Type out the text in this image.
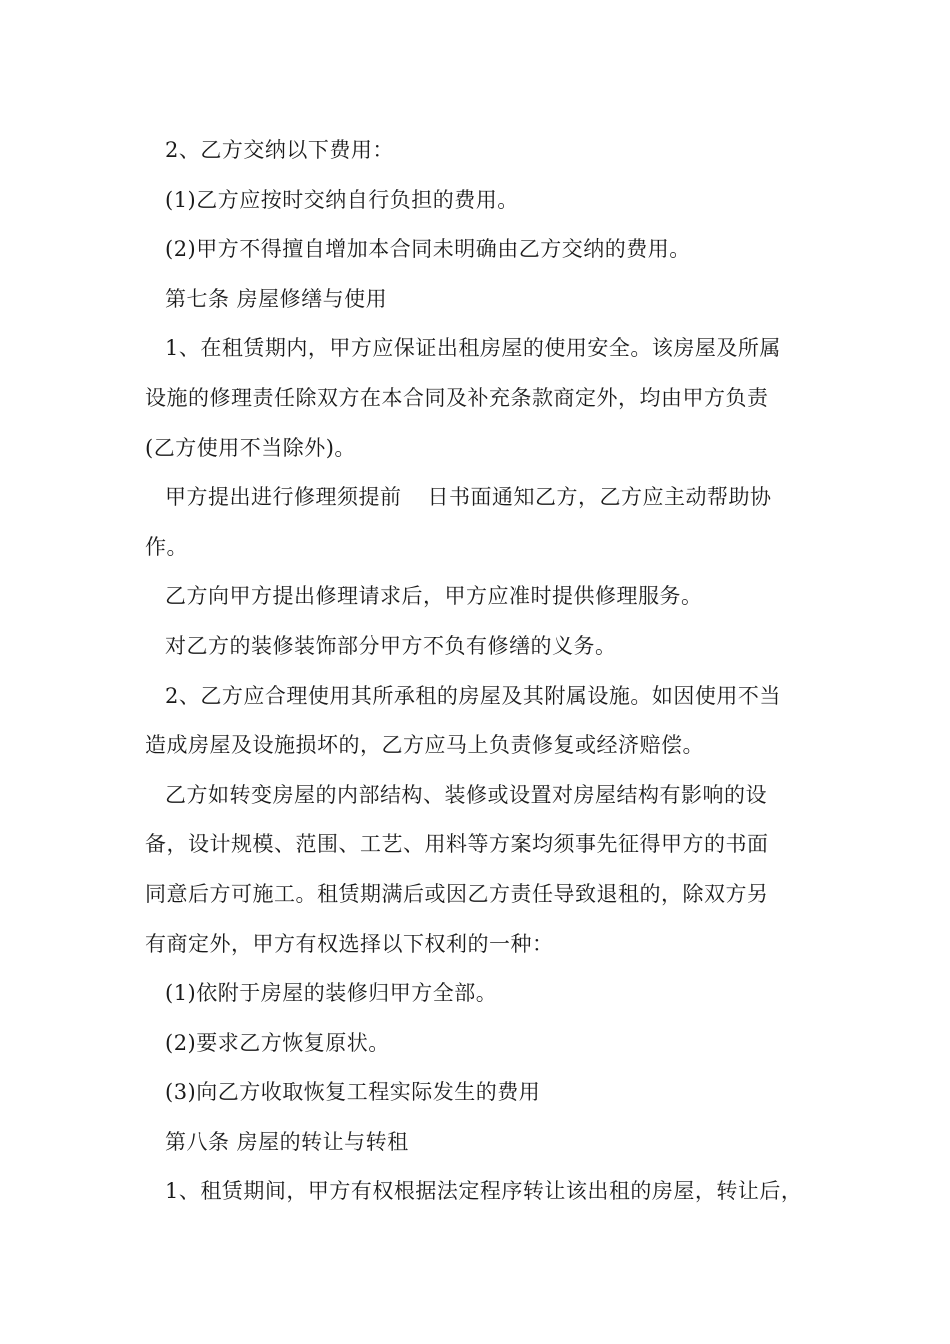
2、乙方交纳以下费用：
(1)乙方应按时交纳自行负担的费用。
(2)甲方不得擅自增加本合同未明确由乙方交纳的费用。
第七条 房屋修缮与使用
1、在租赁期内，甲方应保证出租房屋的使用安全。该房屋及所属
设施的修理责任除双方在本合同及补充条款商定外，均由甲方负责
(乙方使用不当除外)。
甲方提出进行修理须提前 日书面通知乙方，乙方应主动帮助协
作。
乙方向甲方提出修理请求后，甲方应准时提供修理服务。
对乙方的装修装饰部分甲方不负有修缮的义务。
2、乙方应合理使用其所承租的房屋及其附属设施。如因使用不当
造成房屋及设施损坏的，乙方应马上负责修复或经济赔偿。
乙方如转变房屋的内部结构、装修或设置对房屋结构有影响的设
备，设计规模、范围、工艺、用料等方案均须事先征得甲方的书面
同意后方可施工。租赁期满后或因乙方责任导致退租的，除双方另
有商定外，甲方有权选择以下权利的一种：
(1)依附于房屋的装修归甲方全部。
(2)要求乙方恢复原状。
(3)向乙方收取恢复工程实际发生的费用
第八条 房屋的转让与转租
1、租赁期间，甲方有权根据法定程序转让该出租的房屋，转让后，
